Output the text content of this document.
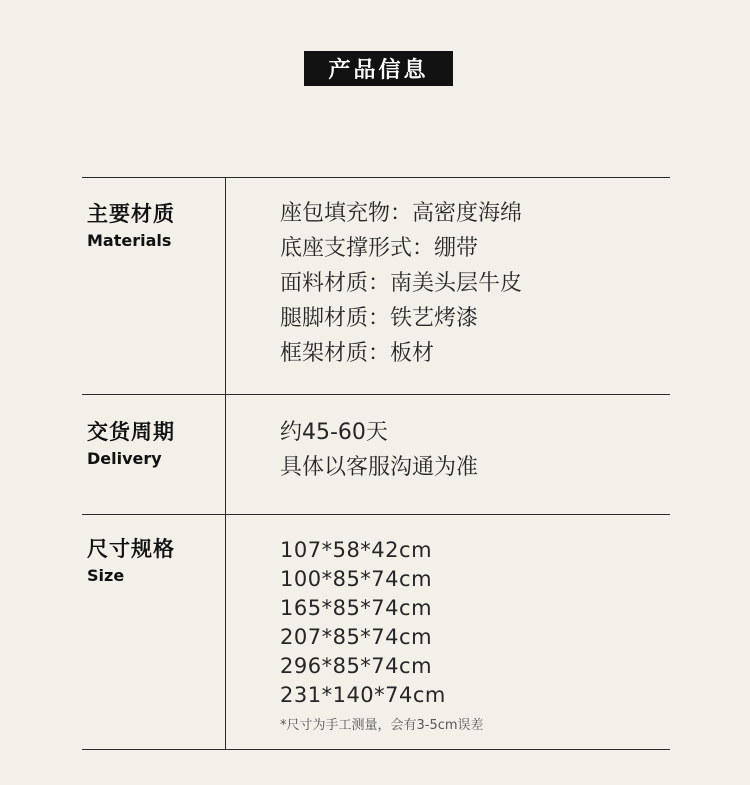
产品信息
主要材质
Materials
座包填充物：高密度海绵
底座支撑形式：绷带
面料材质：南美头层牛皮
腿脚材质：铁艺烤漆
框架材质：板材
交货周期
Delivery
约45-60天
具体以客服沟通为准
尺寸规格
Size
107*58*42cm
100*85*74cm
165*85*74cm
207*85*74cm
296*85*74cm
231*140*74cm
*尺寸为手工测量，会有3-5cm误差
